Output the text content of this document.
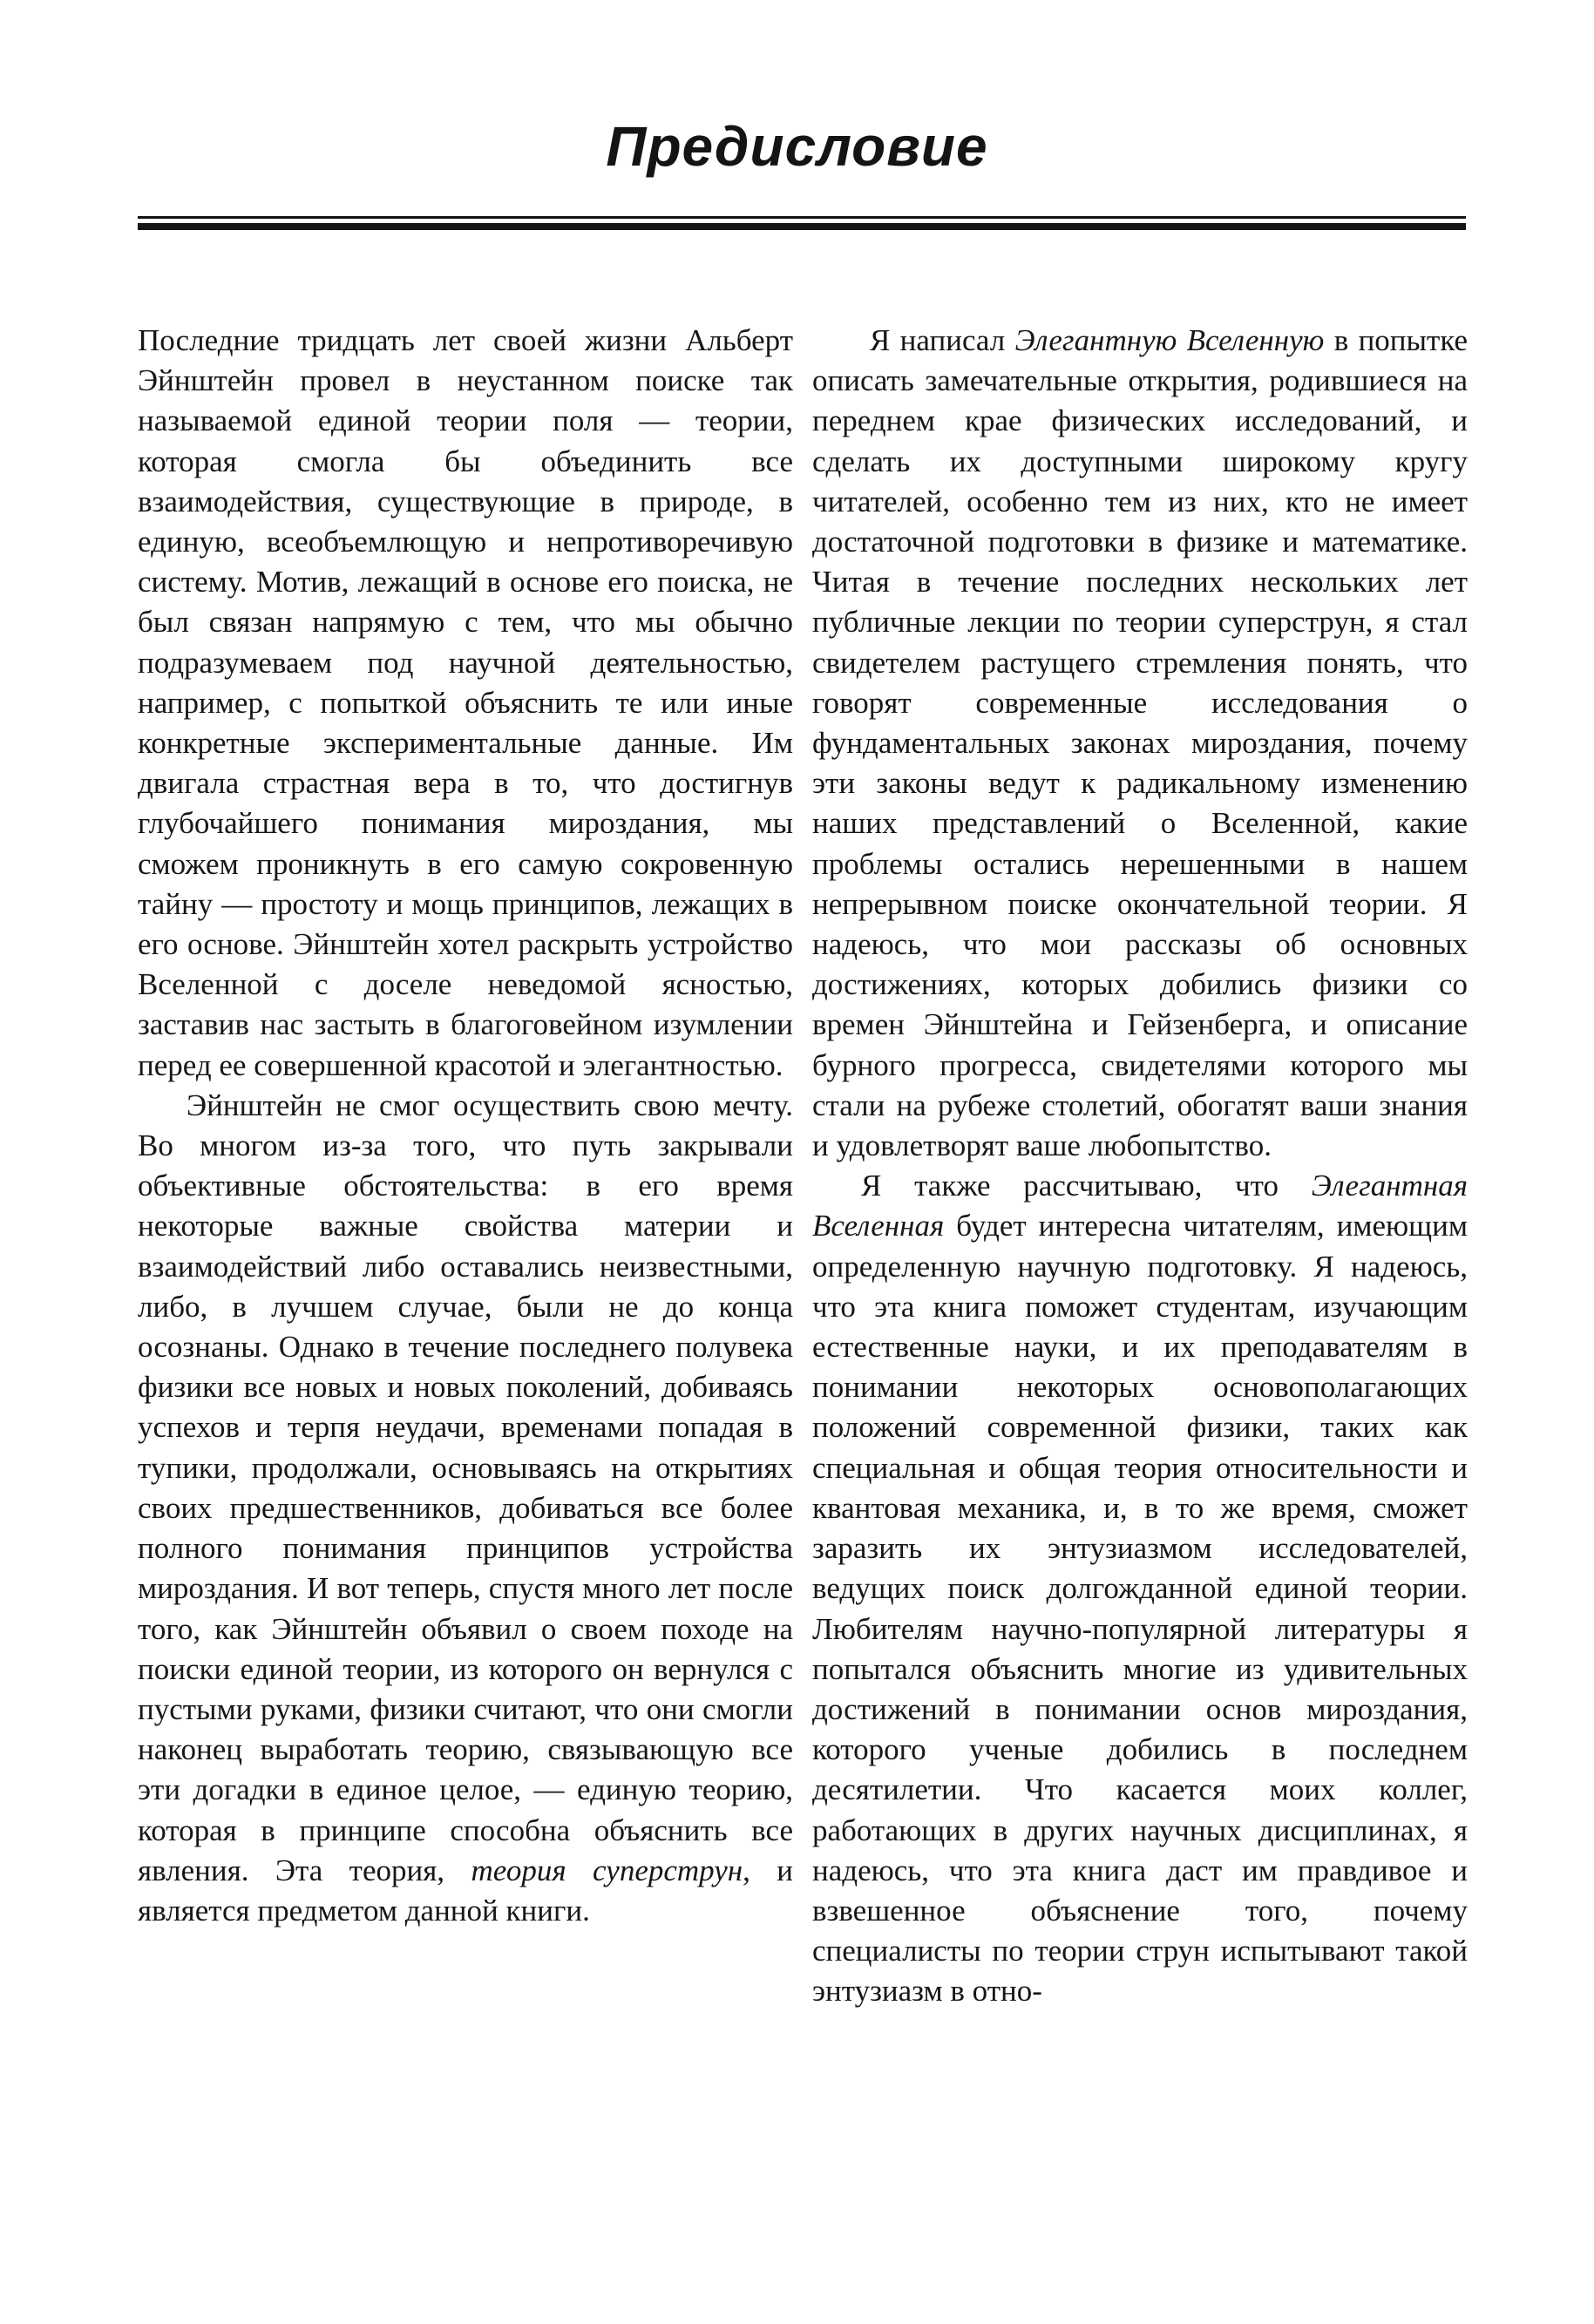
Предисловие

Последние тридцать лет своей жизни Альберт Эйнштейн провел в неустанном поиске так называемой единой теории поля — теории, которая смогла бы объединить все взаимодействия, существующие в природе, в единую, всеобъемлющую и непротиворечивую систему. Мотив, лежащий в основе его поиска, не был связан напрямую с тем, что мы обычно подразумеваем под научной деятельностью, например, с попыткой объяснить те или иные конкретные экспериментальные данные. Им двигала страстная вера в то, что достигнув глубочайшего понимания мироздания, мы сможем проникнуть в его самую сокровенную тайну — простоту и мощь принципов, лежащих в его основе. Эйнштейн хотел раскрыть устройство Вселенной с доселе неведомой ясностью, заставив нас застыть в благоговейном изумлении перед ее совершенной красотой и элегантностью.

Эйнштейн не смог осуществить свою мечту. Во многом из-за того, что путь закрывали объективные обстоятельства: в его время некоторые важные свойства материи и взаимодействий либо оставались неизвестными, либо, в лучшем случае, были не до конца осознаны. Однако в течение последнего полувека физики все новых и новых поколений, добиваясь успехов и терпя неудачи, временами попадая в тупики, продолжали, основываясь на открытиях своих предшественников, добиваться все более полного понимания принципов устройства мироздания. И вот теперь, спустя много лет после того, как Эйнштейн объявил о своем походе на поиски единой теории, из которого он вернулся с пустыми руками, физики считают, что они смогли наконец выработать теорию, связывающую все эти догадки в единое целое, — единую теорию, которая в принципе способна объяснить все явления. Эта теория, теория суперструн, и является предметом данной книги.

Я написал Элегантную Вселенную в попытке описать замечательные открытия, родившиеся на переднем крае физических исследований, и сделать их доступными широкому кругу читателей, особенно тем из них, кто не имеет достаточной подготовки в физике и математике. Читая в течение последних нескольких лет публичные лекции по теории суперструн, я стал свидетелем растущего стремления понять, что говорят современные исследования о фундаментальных законах мироздания, почему эти законы ведут к радикальному изменению наших представлений о Вселенной, какие проблемы остались нерешенными в нашем непрерывном поиске окончательной теории. Я надеюсь, что мои рассказы об основных достижениях, которых добились физики со времен Эйнштейна и Гейзенберга, и описание бурного прогресса, свидетелями которого мы стали на рубеже столетий, обогатят ваши знания и удовлетворят ваше любопытство.

Я также рассчитываю, что Элегантная Вселенная будет интересна читателям, имеющим определенную научную подготовку. Я надеюсь, что эта книга поможет студентам, изучающим естественные науки, и их преподавателям в понимании некоторых основополагающих положений современной физики, таких как специальная и общая теория относительности и квантовая механика, и, в то же время, сможет заразить их энтузиазмом исследователей, ведущих поиск долгожданной единой теории. Любителям научно-популярной литературы я попытался объяснить многие из удивительных достижений в понимании основ мироздания, которого ученые добились в последнем десятилетии. Что касается моих коллег, работающих в других научных дисциплинах, я надеюсь, что эта книга даст им правдивое и взвешенное объяснение того, почему специалисты по теории струн испытывают такой энтузиазм в отно-
